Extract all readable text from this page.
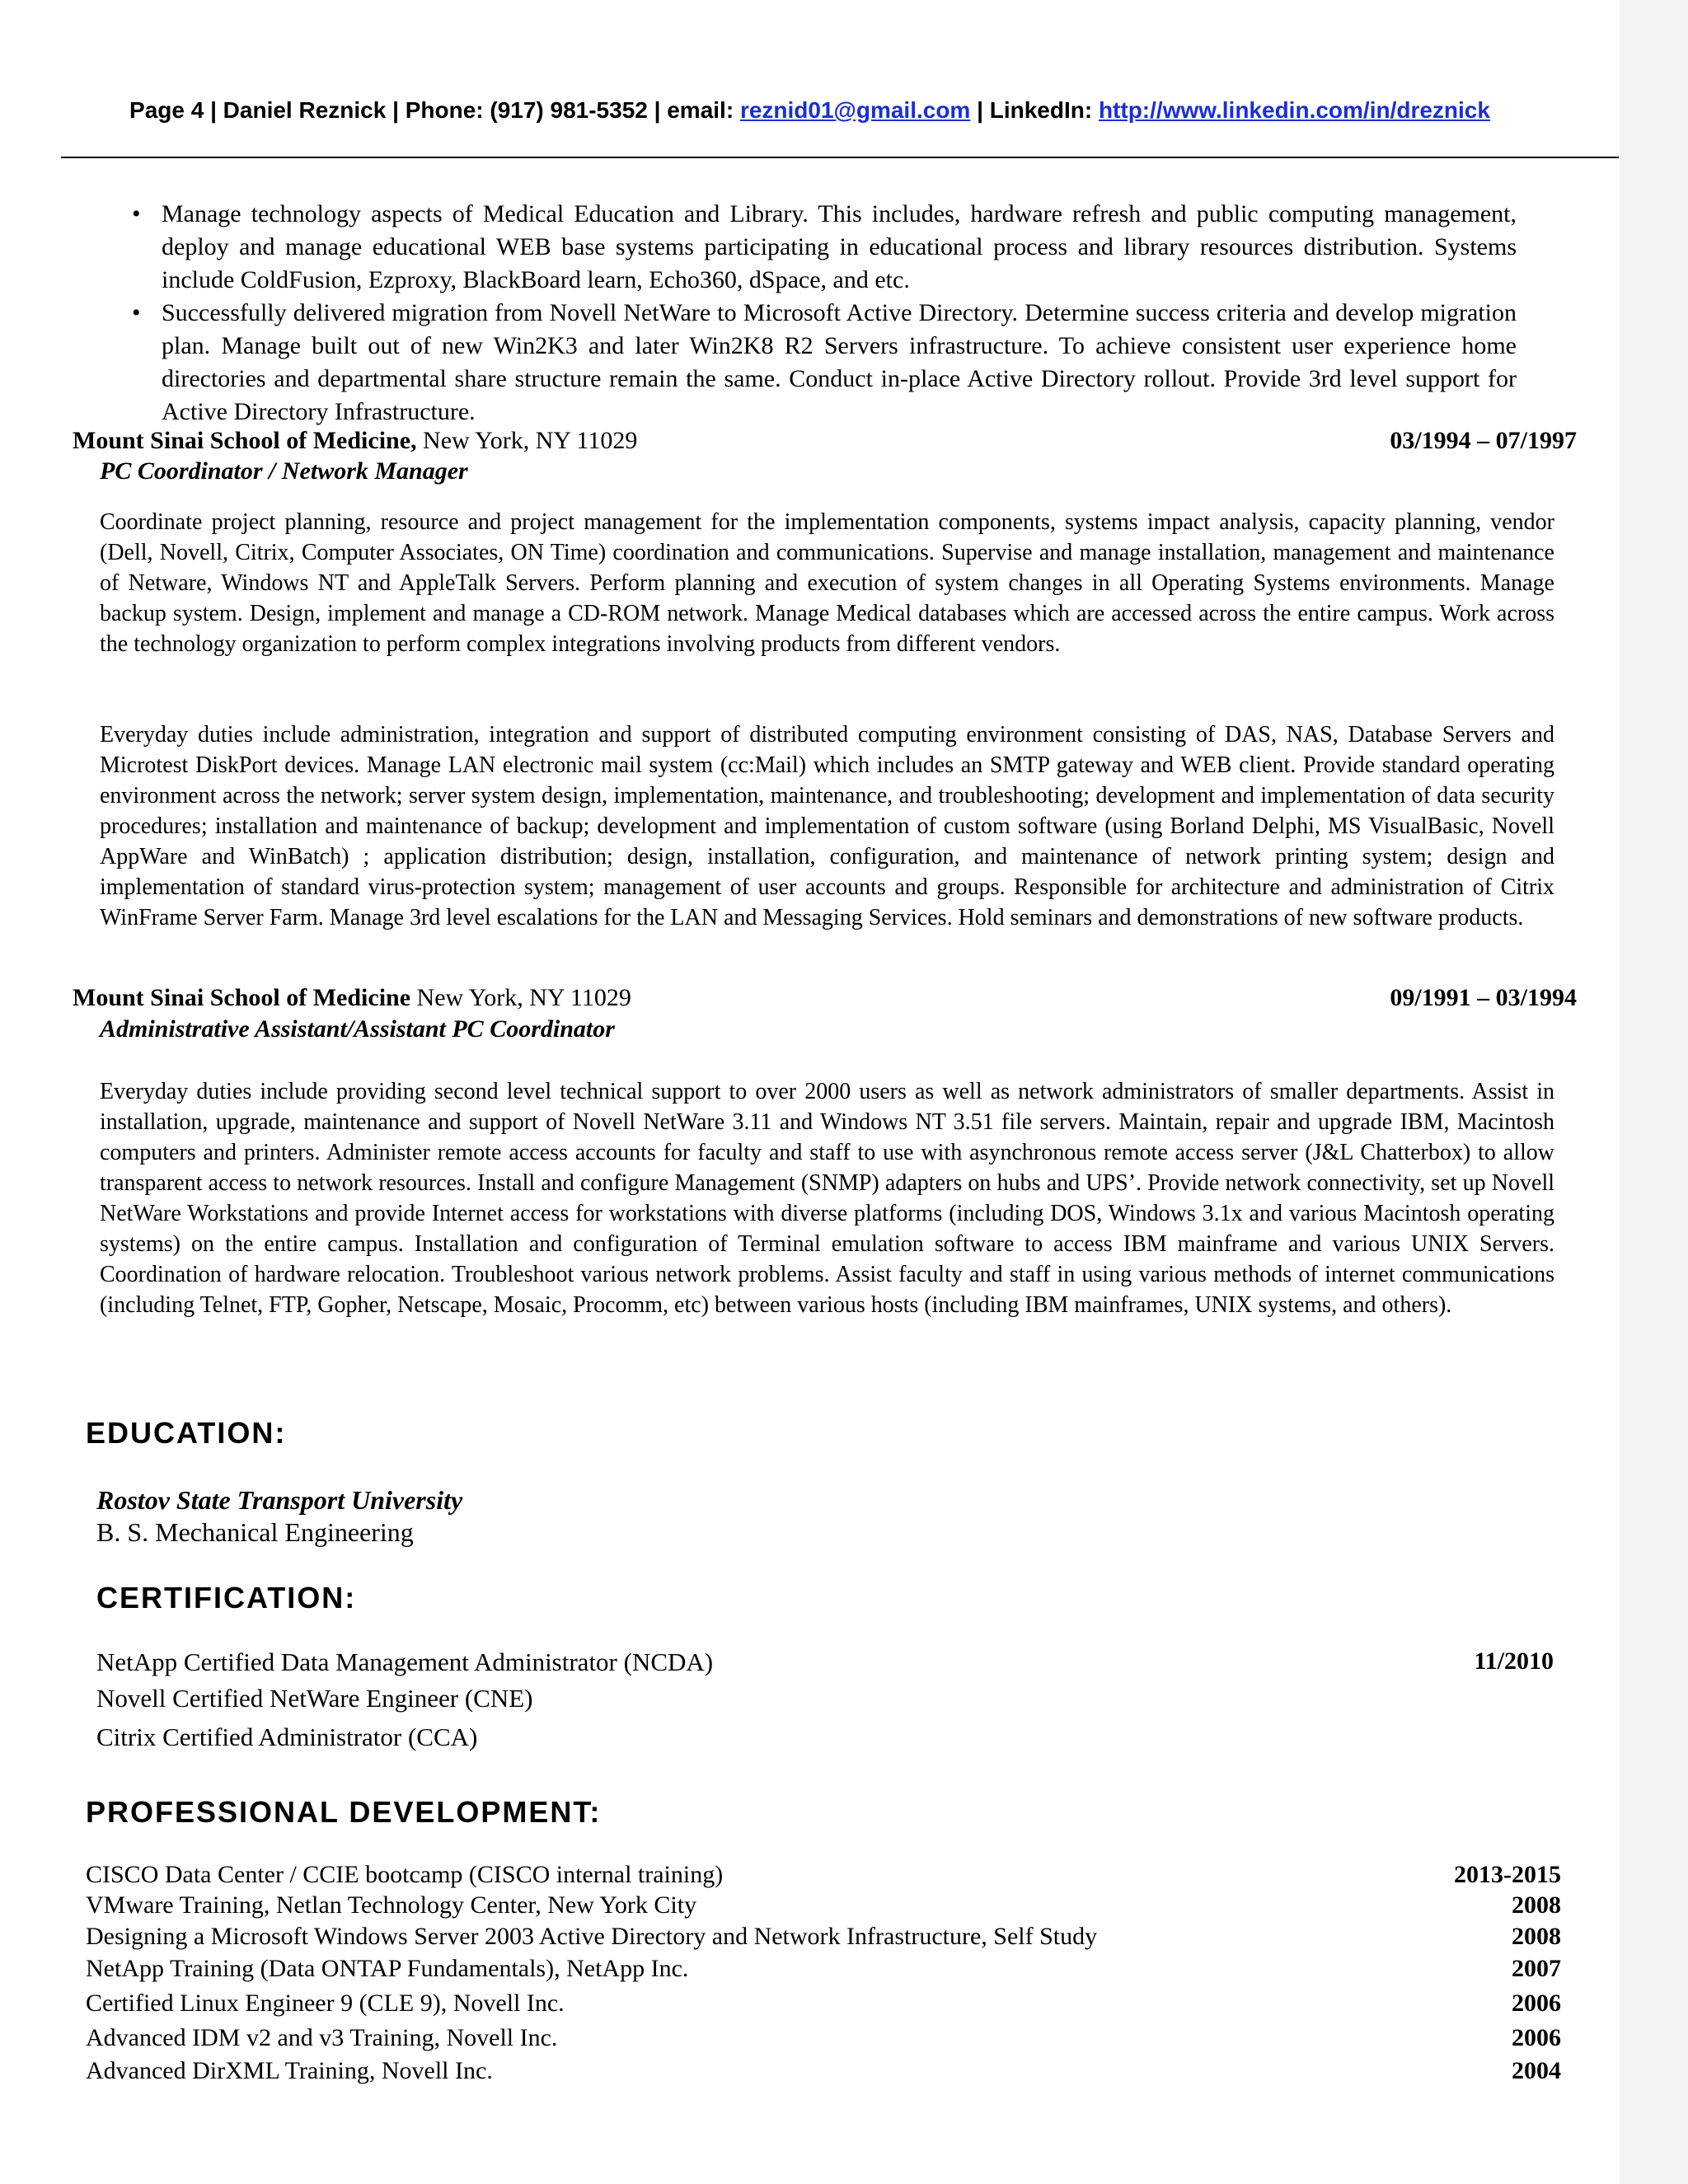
Page 4 | Daniel Reznick | Phone: (917) 981-5352 | email: reznid01@gmail.com | LinkedIn: http://www.linkedin.com/in/dreznick
• Manage technology aspects of Medical Education and Library. This includes, hardware refresh and public computing management, deploy and manage educational WEB base systems participating in educational process and library resources distribution. Systems include ColdFusion, Ezproxy, BlackBoard learn, Echo360, dSpace, and etc.
• Successfully delivered migration from Novell NetWare to Microsoft Active Directory. Determine success criteria and develop migration plan. Manage built out of new Win2K3 and later Win2K8 R2 Servers infrastructure. To achieve consistent user experience home directories and departmental share structure remain the same. Conduct in-place Active Directory rollout. Provide 3rd level support for Active Directory Infrastructure.
Mount Sinai School of Medicine, New York, NY 11029	03/1994 – 07/1997
PC Coordinator / Network Manager

Coordinate project planning, resource and project management for the implementation components, systems impact analysis, capacity planning, vendor (Dell, Novell, Citrix, Computer Associates, ON Time) coordination and communications. Supervise and manage installation, management and maintenance of Netware, Windows NT and AppleTalk Servers. Perform planning and execution of system changes in all Operating Systems environments. Manage backup system. Design, implement and manage a CD-ROM network. Manage Medical databases which are accessed across the entire campus. Work across the technology organization to perform complex integrations involving products from different vendors.

Everyday duties include administration, integration and support of distributed computing environment consisting of DAS, NAS, Database Servers and Microtest DiskPort devices. Manage LAN electronic mail system (cc:Mail) which includes an SMTP gateway and WEB client. Provide standard operating environment across the network; server system design, implementation, maintenance, and troubleshooting; development and implementation of data security procedures; installation and maintenance of backup; development and implementation of custom software (using Borland Delphi, MS VisualBasic, Novell AppWare and WinBatch) ; application distribution; design, installation, configuration, and maintenance of network printing system; design and implementation of standard virus-protection system; management of user accounts and groups. Responsible for architecture and administration of Citrix WinFrame Server Farm. Manage 3rd level escalations for the LAN and Messaging Services. Hold seminars and demonstrations of new software products.

Mount Sinai School of Medicine New York, NY 11029	09/1991 – 03/1994
Administrative Assistant/Assistant PC Coordinator

Everyday duties include providing second level technical support to over 2000 users as well as network administrators of smaller departments. Assist in installation, upgrade, maintenance and support of Novell NetWare 3.11 and Windows NT 3.51 file servers. Maintain, repair and upgrade IBM, Macintosh computers and printers. Administer remote access accounts for faculty and staff to use with asynchronous remote access server (J&L Chatterbox) to allow transparent access to network resources. Install and configure Management (SNMP) adapters on hubs and UPS’. Provide network connectivity, set up Novell NetWare Workstations and provide Internet access for workstations with diverse platforms (including DOS, Windows 3.1x and various Macintosh operating systems) on the entire campus. Installation and configuration of Terminal emulation software to access IBM mainframe and various UNIX Servers. Coordination of hardware relocation. Troubleshoot various network problems. Assist faculty and staff in using various methods of internet communications (including Telnet, FTP, Gopher, Netscape, Mosaic, Procomm, etc) between various hosts (including IBM mainframes, UNIX systems, and others).

EDUCATION:
Rostov State Transport University
B. S. Mechanical Engineering
CERTIFICATION:
NetApp Certified Data Management Administrator (NCDA)	11/2010
Novell Certified NetWare Engineer (CNE)
Citrix Certified Administrator (CCA)
PROFESSIONAL DEVELOPMENT:
CISCO Data Center / CCIE bootcamp (CISCO internal training)	2013-2015
VMware Training, Netlan Technology Center, New York City	2008
Designing a Microsoft Windows Server 2003 Active Directory and Network Infrastructure, Self Study	2008
NetApp Training (Data ONTAP Fundamentals), NetApp Inc.	2007
Certified Linux Engineer 9 (CLE 9), Novell Inc.	2006
Advanced IDM v2 and v3 Training, Novell Inc.	2006
Advanced DirXML Training, Novell Inc.	2004
